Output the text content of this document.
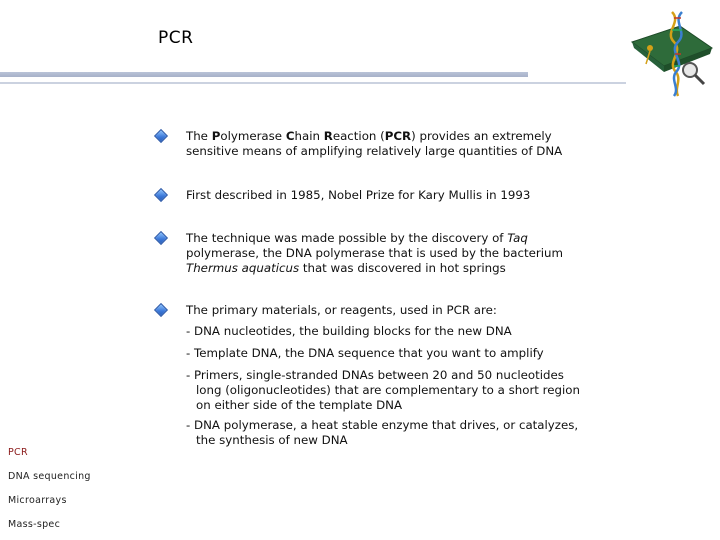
PCR
The Polymerase Chain Reaction (PCR) provides an extremely sensitive means of amplifying relatively large quantities of DNA
First described in 1985, Nobel Prize for Kary Mullis in 1993
The technique was made possible by the discovery of Taq polymerase, the DNA polymerase that is used by the bacterium Thermus aquaticus that was discovered in hot springs
The primary materials, or reagents, used in PCR are:
- DNA nucleotides, the building blocks for the new DNA
- Template DNA, the DNA sequence that you want to amplify
- Primers, single-stranded DNAs between 20 and 50 nucleotides long (oligonucleotides) that are complementary to a short region on either side of the template DNA
- DNA polymerase, a heat stable enzyme that drives, or catalyzes, the synthesis of new DNA
PCR
DNA sequencing
Microarrays
Mass-spec
